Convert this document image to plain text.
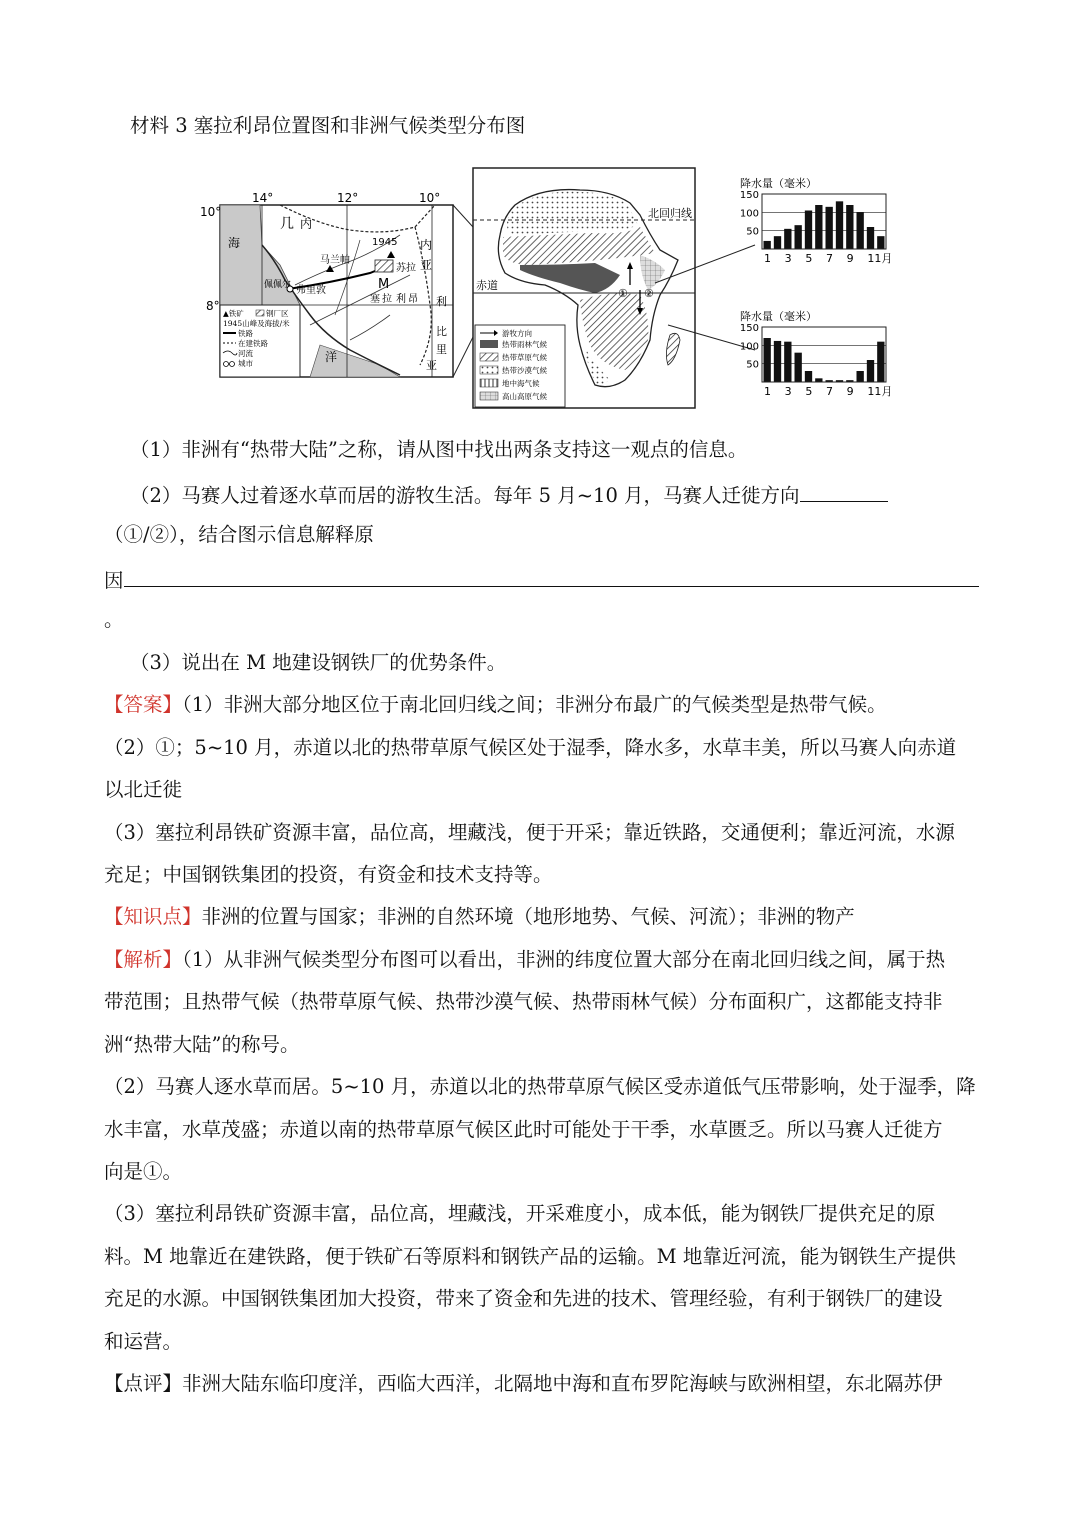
材料 3 塞拉利昂位置图和非洲气候类型分布图
14°	12°	10°
10°
8°
海
几 内
内
亚
1945
马兰帕
苏拉
M
塞 拉 利 昂
佩佩尔 弗里敦
利
比
里
亚
洋
▲铁矿	钢厂区
1945山峰及海拔/米
铁路
在建铁路
河流
城市
北回归线
赤道
① ②
游牧方向
热带雨林气候
热带草原气候
热带沙漠气候
地中海气候
高山高原气候
降水量（毫米）
150
100
50
1 3 5 7 9 11月
降水量（毫米）
150
100
50
1 3 5 7 9 11月
（1）非洲有“热带大陆”之称，请从图中找出两条支持这一观点的信息。
（2）马赛人过着逐水草而居的游牧生活。每年 5 月~10 月，马赛人迁徙方向
（①/②），结合图示信息解释原
因
。
（3）说出在 M 地建设钢铁厂的优势条件。
【答案】（1）非洲大部分地区位于南北回归线之间；非洲分布最广的气候类型是热带气候。
（2）①；5~10 月，赤道以北的热带草原气候区处于湿季，降水多，水草丰美，所以马赛人向赤道
以北迁徙
（3）塞拉利昂铁矿资源丰富，品位高，埋藏浅，便于开采；靠近铁路，交通便利；靠近河流，水源
充足；中国钢铁集团的投资，有资金和技术支持等。
【知识点】非洲的位置与国家；非洲的自然环境（地形地势、气候、河流）；非洲的物产
【解析】（1）从非洲气候类型分布图可以看出，非洲的纬度位置大部分在南北回归线之间，属于热
带范围；且热带气候（热带草原气候、热带沙漠气候、热带雨林气候）分布面积广，这都能支持非
洲“热带大陆”的称号。
（2）马赛人逐水草而居。5~10 月，赤道以北的热带草原气候区受赤道低气压带影响，处于湿季，降
水丰富，水草茂盛；赤道以南的热带草原气候区此时可能处于干季，水草匮乏。所以马赛人迁徙方
向是①。
（3）塞拉利昂铁矿资源丰富，品位高，埋藏浅，开采难度小，成本低，能为钢铁厂提供充足的原
料。M 地靠近在建铁路，便于铁矿石等原料和钢铁产品的运输。M 地靠近河流，能为钢铁生产提供
充足的水源。中国钢铁集团加大投资，带来了资金和先进的技术、管理经验，有利于钢铁厂的建设
和运营。
【点评】非洲大陆东临印度洋，西临大西洋，北隔地中海和直布罗陀海峡与欧洲相望，东北隔苏伊
